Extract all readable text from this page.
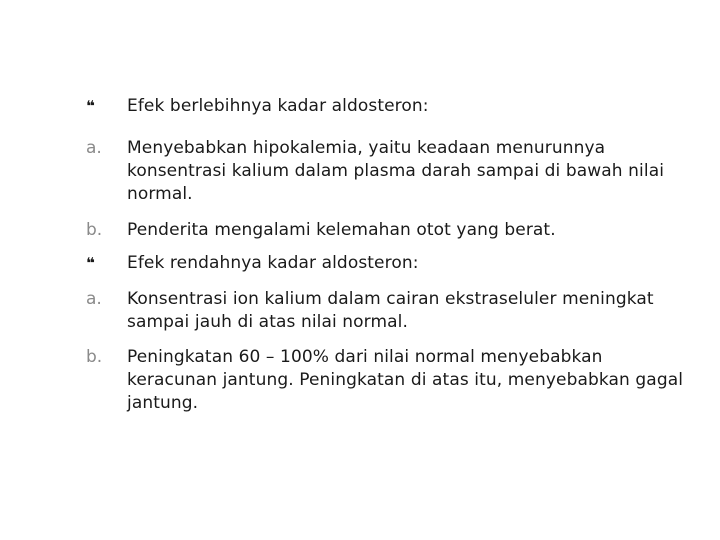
❝ Efek berlebihnya kadar aldosteron:
a. Menyebabkan hipokalemia, yaitu keadaan menurunnya konsentrasi kalium dalam plasma darah sampai di bawah nilai normal.
b. Penderita mengalami kelemahan otot yang berat.
❝ Efek rendahnya kadar aldosteron:
a. Konsentrasi ion kalium dalam cairan ekstraseluler meningkat sampai jauh di atas nilai normal.
b. Peningkatan 60 – 100% dari nilai normal menyebabkan keracunan jantung. Peningkatan di atas itu, menyebabkan gagal jantung.
